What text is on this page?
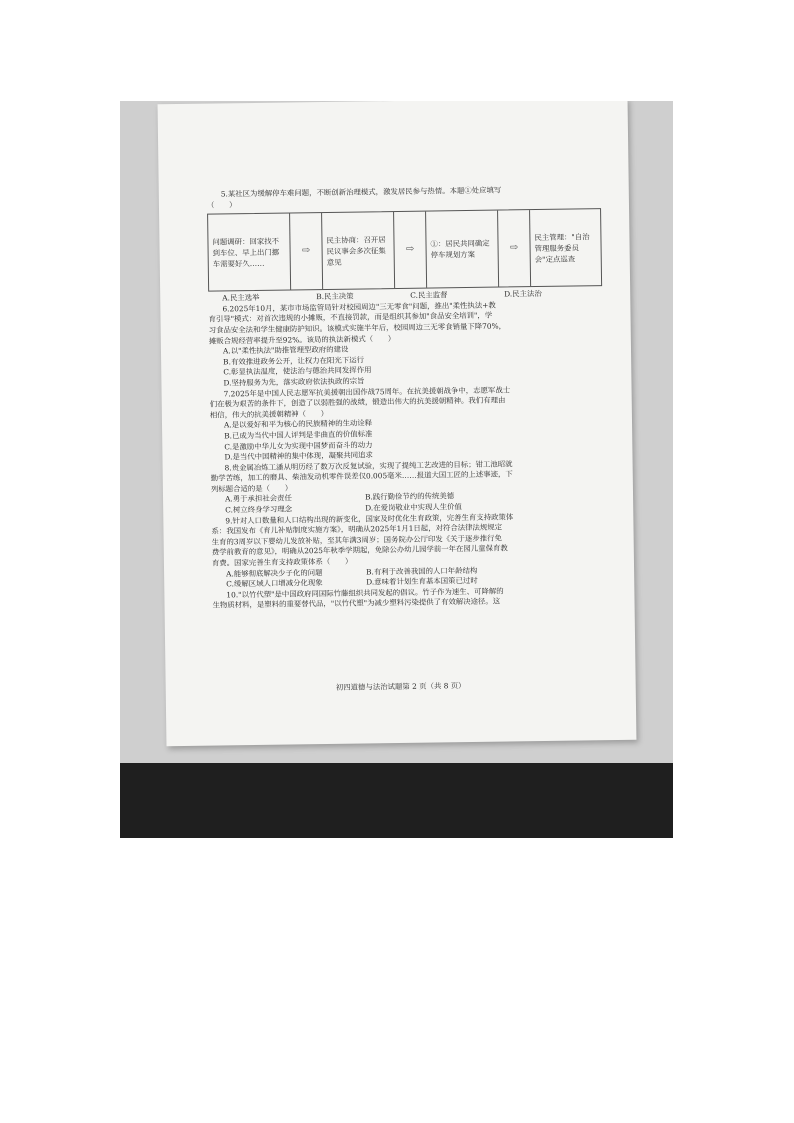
5.某社区为缓解停车难问题，不断创新治理模式，激发居民参与热情。本题①处应填写
（　　）
问题调研：回家找不到车位、早上出门挪车需要好久……
⇨
民主协商：召开居民议事会多次征集意见
⇨	①：居民共同确定停车规划方案
⇨
民主管理："自治管理服务委员会"定点巡查
A.民主选举	B.民主决策	C.民主监督	D.民主法治
6.2025年10月，某市市场监管局针对校园周边"三无零食"问题，推出"柔性执法+教
育引导"模式：对首次违规的小摊贩，不直接罚款，而是组织其参加"食品安全培训"，学
习食品安全法和学生健康防护知识。该模式实施半年后，校园周边三无零食销量下降70%，
摊贩合规经营率提升至92%。该局的执法新模式（　　）
A.以"柔性执法"助推管理型政府的建设
B.有效推进政务公开，让权力在阳光下运行
C.彰显执法温度，使法治与德治共同发挥作用
D.坚持服务为先，落实政府依法执政的宗旨
7.2025年是中国人民志愿军抗美援朝出国作战75周年。在抗美援朝战争中，志愿军战士
们在极为艰苦的条件下，创造了以弱胜强的战绩，锻造出伟大的抗美援朝精神。我们有理由
相信，伟大的抗美援朝精神（　　）
A.是以爱好和平为核心的民族精神的生动诠释
B.已成为当代中国人评判是非曲直的价值标准
C.是激励中华儿女为实现中国梦而奋斗的动力
D.是当代中国精神的集中体现，凝聚共同追求
8.贵金属冶炼工潘从明历经了数万次反复试验，实现了提纯工艺改进的目标；钳工池昭就
勤学苦练，加工的磨具、柴油发动机零件误差仅0.005毫米……报道大国工匠的上述事迹，下
列标题合适的是（　　）
A.勇于承担社会责任	B.践行勤俭节约的传统美德
C.树立终身学习理念	D.在爱岗敬业中实现人生价值
9.针对人口数量和人口结构出现的新变化，国家及时优化生育政策，完善生育支持政策体
系：我国发布《育儿补贴制度实施方案》，明确从2025年1月1日起，对符合法律法规规定
生育的3周岁以下婴幼儿发放补贴，至其年满3周岁；国务院办公厅印发《关于逐步推行免
费学前教育的意见》，明确从2025年秋季学期起，免除公办幼儿园学前一年在园儿童保育教
育费。国家完善生育支持政策体系（　　）
A.能够彻底解决少子化的问题	B.有利于改善我国的人口年龄结构
C.缓解区域人口增减分化现象	D.意味着计划生育基本国策已过时
10."以竹代塑"是中国政府同国际竹藤组织共同发起的倡议。竹子作为速生、可降解的
生物质材料，是塑料的重要替代品，"以竹代塑"为减少塑料污染提供了有效解决途径。这
初四道德与法治试题第 2 页（共 8 页）
